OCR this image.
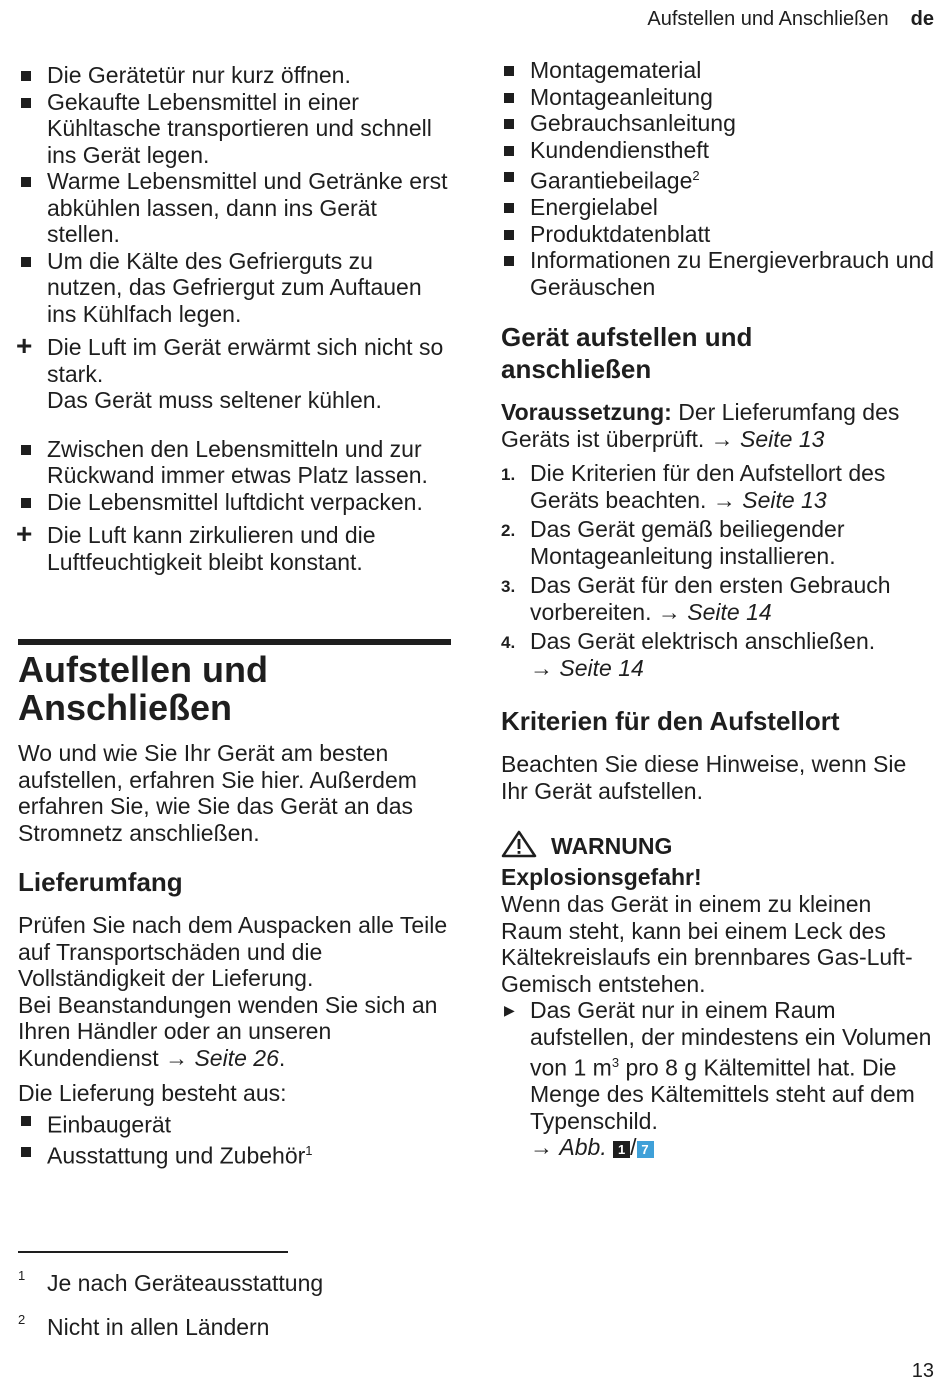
Aufstellen und Anschließen de
Die Gerätetür nur kurz öffnen.
Gekaufte Lebensmittel in einer Kühltasche transportieren und schnell ins Gerät legen.
Warme Lebensmittel und Getränke erst abkühlen lassen, dann ins Gerät stellen.
Um die Kälte des Gefrierguts zu nutzen, das Gefriergut zum Auftauen ins Kühlfach legen.
+ Die Luft im Gerät erwärmt sich nicht so stark.
Das Gerät muss seltener kühlen.
Zwischen den Lebensmitteln und zur Rückwand immer etwas Platz lassen.
Die Lebensmittel luftdicht verpacken.
+ Die Luft kann zirkulieren und die Luftfeuchtigkeit bleibt konstant.
Aufstellen und Anschließen

Wo und wie Sie Ihr Gerät am besten aufstellen, erfahren Sie hier. Außerdem erfahren Sie, wie Sie das Gerät an das Stromnetz anschließen.

Lieferumfang

Prüfen Sie nach dem Auspacken alle Teile auf Transportschäden und die Vollständigkeit der Lieferung.

Bei Beanstandungen wenden Sie sich an Ihren Händler oder an unseren Kundendienst → Seite 26.

Die Lieferung besteht aus:

Einbaugerät
Ausstattung und Zubehör$^1$
Montagematerial
Montageanleitung
Gebrauchsanleitung
Kundendienstheft
Garantiebeilage$^2$
Energielabel
Produktdatenblatt
Informationen zu Energieverbrauch und Geräuschen
Gerät aufstellen und anschließen

Voraussetzung: Der Lieferumfang des Geräts ist überprüft. → Seite 13

1. Die Kriterien für den Aufstellort des Geräts beachten. → Seite 13
2. Das Gerät gemäß beiliegender Montageanleitung installieren.
3. Das Gerät für den ersten Gebrauch vorbereiten. → Seite 14
4. Das Gerät elektrisch anschließen.
→ Seite 14
Kriterien für den Aufstellort

Beachten Sie diese Hinweise, wenn Sie Ihr Gerät aufstellen.

WARNUNG
Explosionsgefahr!

Wenn das Gerät in einem zu kleinen Raum steht, kann bei einem Leck des Kältekreislaufs ein brennbares Gas-Luft-Gemisch entstehen.

▶ Das Gerät nur in einem Raum aufstellen, der mindestens ein Volumen von 1 $m^3$ pro 8 g Kältemittel hat. Die Menge des Kältemittels steht auf dem Typenschild.
→ Abb. 1 / 7
1 Je nach Geräteausstattung
2 Nicht in allen Ländern
13
